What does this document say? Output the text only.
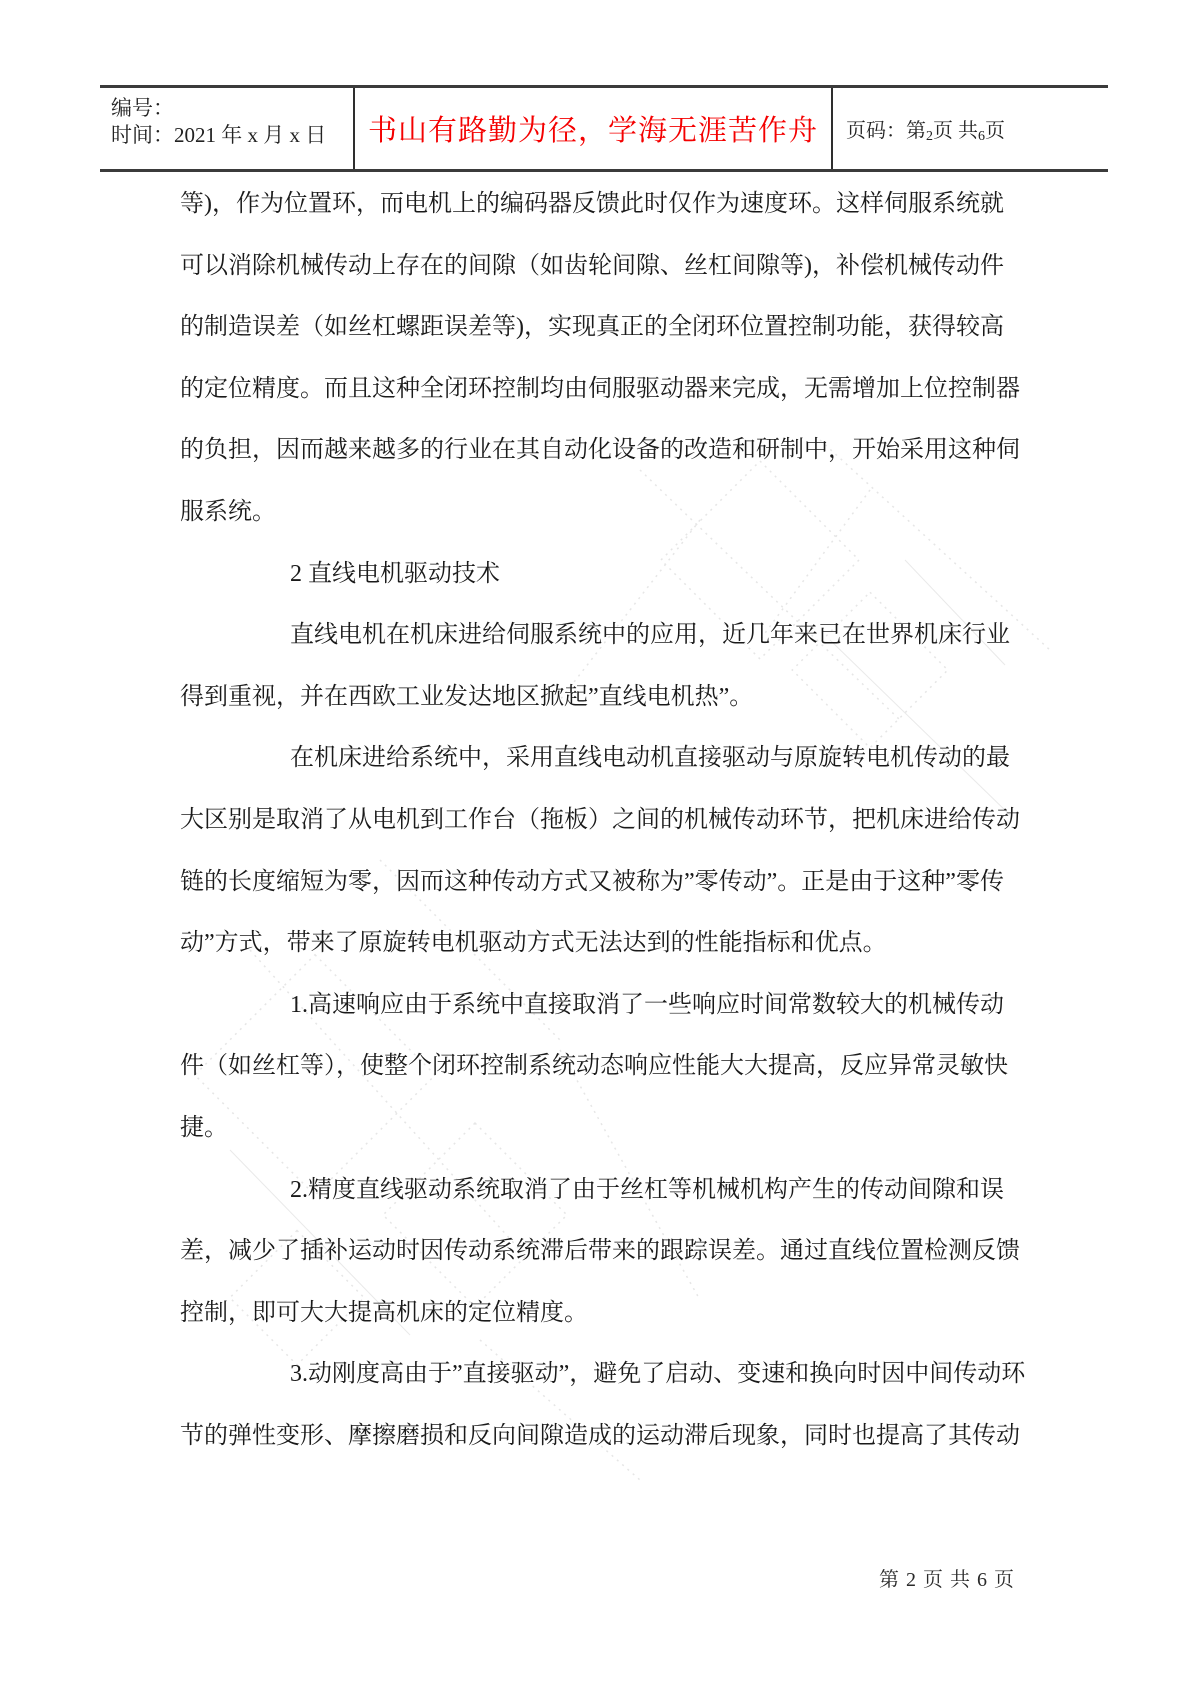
编号：
时间：2021 年 x 月 x 日	书山有路勤为径，学海无涯苦作舟 页码：第2页 共6页
等)，作为位置环，而电机上的编码器反馈此时仅作为速度环。这样伺服系统就
可以消除机械传动上存在的间隙（如齿轮间隙、丝杠间隙等)，补偿机械传动件
的制造误差（如丝杠螺距误差等)，实现真正的全闭环位置控制功能，获得较高
的定位精度。而且这种全闭环控制均由伺服驱动器来完成，无需增加上位控制器
的负担，因而越来越多的行业在其自动化设备的改造和研制中，开始采用这种伺
服系统。
2 直线电机驱动技术
直线电机在机床进给伺服系统中的应用，近几年来已在世界机床行业
得到重视，并在西欧工业发达地区掀起”直线电机热”。
在机床进给系统中，采用直线电动机直接驱动与原旋转电机传动的最
大区别是取消了从电机到工作台（拖板）之间的机械传动环节，把机床进给传动
链的长度缩短为零，因而这种传动方式又被称为”零传动”。正是由于这种”零传
动”方式，带来了原旋转电机驱动方式无法达到的性能指标和优点。
1.高速响应由于系统中直接取消了一些响应时间常数较大的机械传动
件（如丝杠等），使整个闭环控制系统动态响应性能大大提高，反应异常灵敏快
捷。
2.精度直线驱动系统取消了由于丝杠等机械机构产生的传动间隙和误
差，减少了插补运动时因传动系统滞后带来的跟踪误差。通过直线位置检测反馈
控制，即可大大提高机床的定位精度。
3.动刚度高由于”直接驱动”，避免了启动、变速和换向时因中间传动环
节的弹性变形、摩擦磨损和反向间隙造成的运动滞后现象，同时也提高了其传动
第 2 页 共 6 页
